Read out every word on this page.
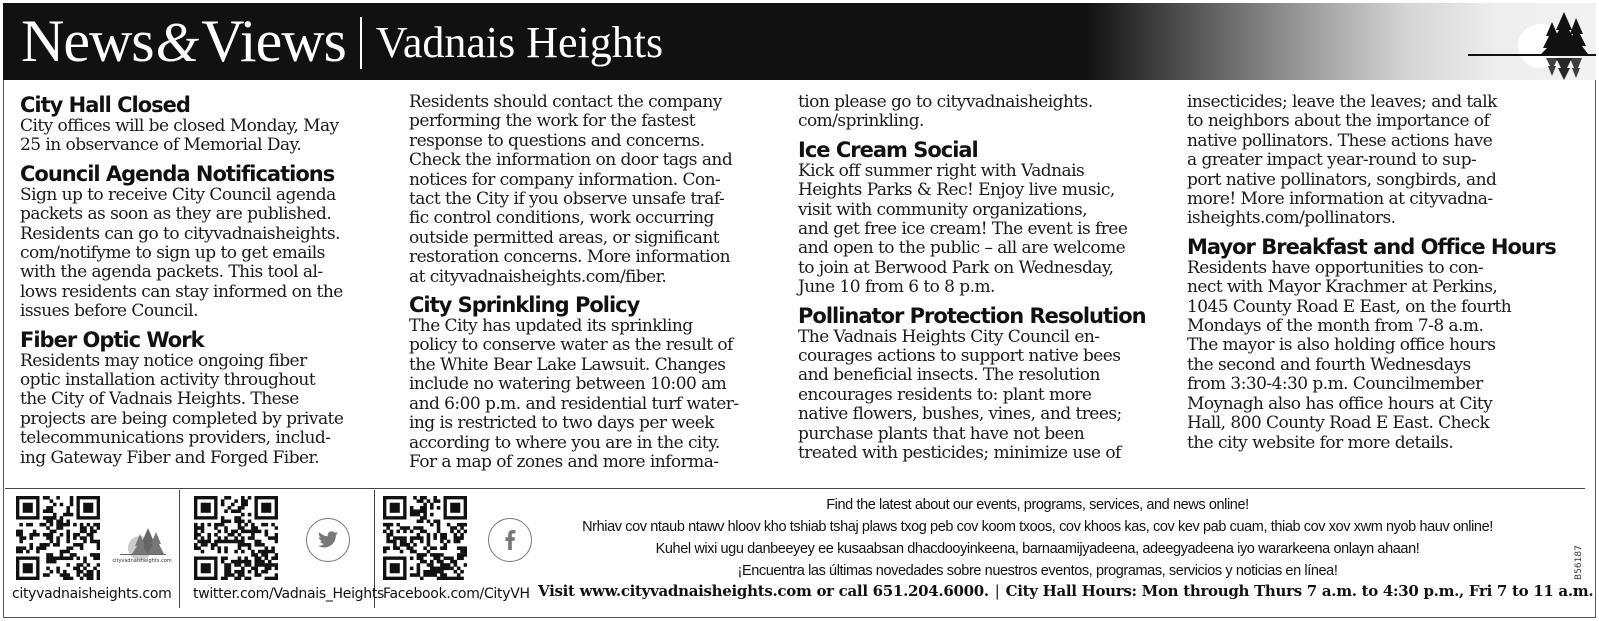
News&Views Vadnais Heights

City Hall Closed

City offices will be closed Monday, May
25 in observance of Memorial Day.

Council Agenda Notifications

Sign up to receive City Council agenda
packets as soon as they are published.
Residents can go to cityvadnaisheights.
com/notifyme to sign up to get emails
with the agenda packets. This tool al-
lows residents can stay informed on the
issues before Council.

Fiber Optic Work

Residents may notice ongoing fiber
optic installation activity throughout
the City of Vadnais Heights. These
projects are being completed by private
telecommunications providers, includ-
ing Gateway Fiber and Forged Fiber.

Residents should contact the company
performing the work for the fastest
response to questions and concerns.
Check the information on door tags and
notices for company information. Con-
tact the City if you observe unsafe traf-
fic control conditions, work occurring
outside permitted areas, or significant
restoration concerns. More information
at cityvadnaisheights.com/fiber.

City Sprinkling Policy

The City has updated its sprinkling
policy to conserve water as the result of
the White Bear Lake Lawsuit. Changes
include no watering between 10:00 am
and 6:00 p.m. and residential turf water-
ing is restricted to two days per week
according to where you are in the city.
For a map of zones and more informa-

tion please go to cityvadnaisheights.
com/sprinkling.

Ice Cream Social

Kick off summer right with Vadnais
Heights Parks & Rec! Enjoy live music,
visit with community organizations,
and get free ice cream! The event is free
and open to the public – all are welcome
to join at Berwood Park on Wednesday,
June 10 from 6 to 8 p.m.

Pollinator Protection Resolution

The Vadnais Heights City Council en-
courages actions to support native bees
and beneficial insects. The resolution
encourages residents to: plant more
native flowers, bushes, vines, and trees;
purchase plants that have not been
treated with pesticides; minimize use of

insecticides; leave the leaves; and talk
to neighbors about the importance of
native pollinators. These actions have
a greater impact year-round to sup-
port native pollinators, songbirds, and
more! More information at cityvadna-
isheights.com/pollinators.

Mayor Breakfast and Office Hours

Residents have opportunities to con-
nect with Mayor Krachmer at Perkins,
1045 County Road E East, on the fourth
Mondays of the month from 7-8 a.m.
The mayor is also holding office hours
the second and fourth Wednesdays
from 3:30-4:30 p.m. Councilmember
Moynagh also has office hours at City
Hall, 800 County Road E East. Check
the city website for more details.

cityvadnaisheights.com
cityvadnaisheights.com twitter.com/Vadnais_Heights
Facebook.com/CityVH
Find the latest about our events, programs, services, and news online!
Nrhiav cov ntaub ntawv hloov kho tshiab tshaj plaws txog peb cov koom txoos, cov khoos kas, cov kev pab cuam, thiab cov xov xwm nyob hauv online!
Kuhel wixi ugu danbeeyey ee kusaabsan dhacdooyinkeena, barnaamijyadeena, adeegyadeena iyo wararkeena onlayn ahaan!
¡Encuentra las últimas novedades sobre nuestros eventos, programas, servicios y noticias en línea!
Visit www.cityvadnaisheights.com or call 651.204.6000. | City Hall Hours: Mon through Thurs 7 a.m. to 4:30 p.m., Fri 7 to 11 a.m.
B56187
